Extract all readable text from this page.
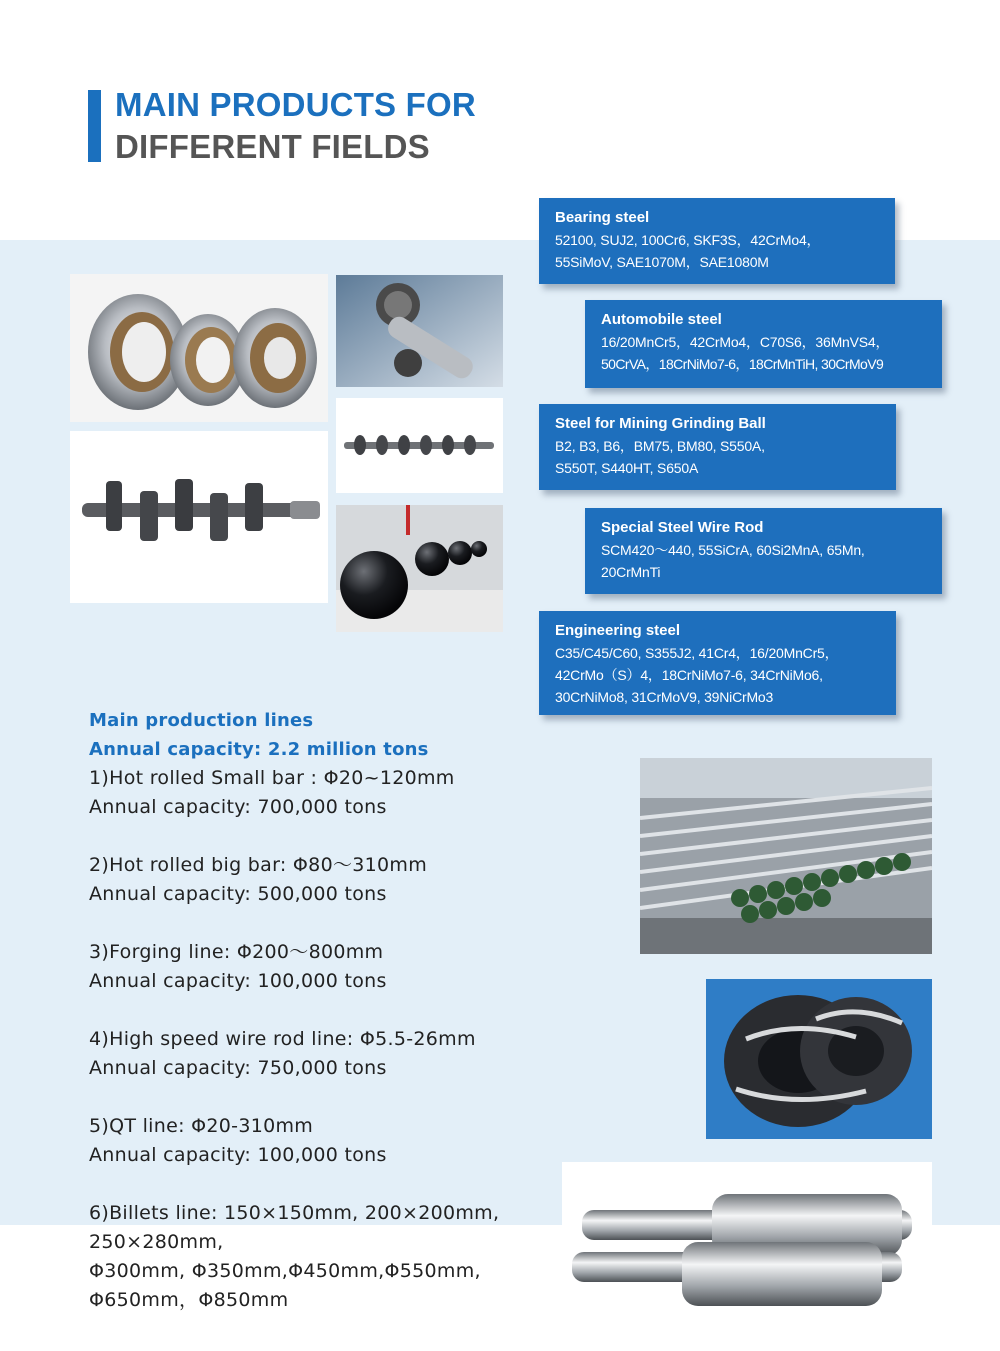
MAIN PRODUCTS FOR
DIFFERENT FIELDS
Bearing steel
52100, SUJ2, 100Cr6, SKF3S，42CrMo4，
55SiMoV, SAE1070M，SAE1080M
Automobile steel
16/20MnCr5，42CrMo4，C70S6，36MnVS4，
50CrVA，18CrNiMo7-6，18CrMnTiH, 30CrMoV9
Steel for Mining Grinding Ball
B2, B3, B6，BM75, BM80, S550A,
S550T, S440HT, S650A
Special Steel Wire Rod
SCM420～440, 55SiCrA, 60Si2MnA, 65Mn,
20CrMnTi
Engineering steel
C35/C45/C60, S355J2, 41Cr4，16/20MnCr5，
42CrMo（S）4，18CrNiMo7-6, 34CrNiMo6,
30CrNiMo8, 31CrMoV9, 39NiCrMo3
Main production lines
Annual capacity: 2.2 million tons
1)Hot rolled Small bar : Φ20~120mm
Annual capacity: 700,000 tons
2)Hot rolled big bar: Φ80～310mm
Annual capacity: 500,000 tons
3)Forging line: Φ200～800mm
Annual capacity: 100,000 tons
4)High speed wire rod line: Φ5.5-26mm
Annual capacity: 750,000 tons
5)QT line: Φ20-310mm
Annual capacity: 100,000 tons
6)Billets line: 150×150mm, 200×200mm,
250×280mm,
Φ300mm, Φ350mm,Φ450mm,Φ550mm,
Φ650mm，Φ850mm
